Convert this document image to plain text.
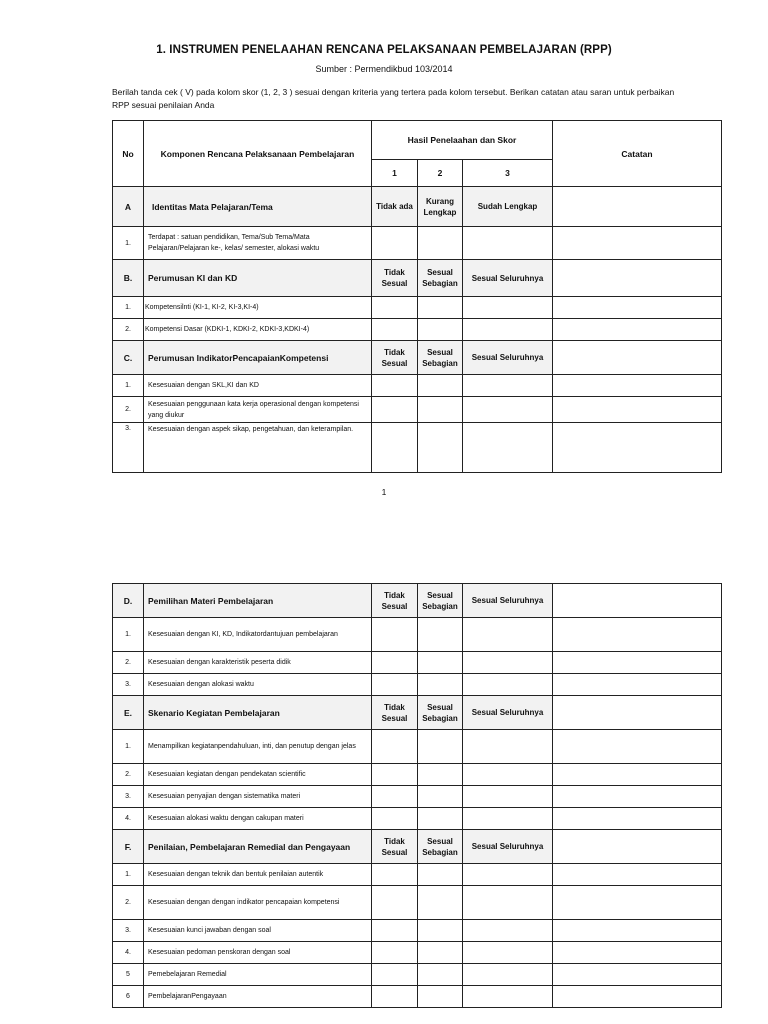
1. INSTRUMEN PENELAAHAN RENCANA PELAKSANAAN PEMBELAJARAN (RPP)
Sumber : Permendikbud 103/2014
Berilah tanda cek ( V) pada kolom skor (1, 2, 3 ) sesuai dengan kriteria yang tertera pada kolom tersebut. Berikan catatan atau saran untuk perbaikan RPP sesuai penilaian Anda
No	Komponen Rencana Pelaksanaan Pembelajaran	Hasil Penelaahan dan Skor			Catatan
		1	2	3	
A	Identitas Mata Pelajaran/Tema	Tidak ada	Kurang Lengkap	Sudah Lengkap	
1.	Terdapat : satuan pendidikan, Tema/Sub Tema/Mata Pelajaran/Pelajaran ke-, kelas/ semester, alokasi waktu				
B.	Perumusan KI dan KD	Tidak Sesual	Sesual Sebagian	Sesual Seluruhnya	
1.	Kompetensilnti (KI-1, KI-2, KI-3,KI-4)				
2.	Kompetensi Dasar (KDKI-1, KDKI-2, KDKI-3,KDKI-4)				
C.	Perumusan IndikatorPencapaianKompetensi	Tidak Sesual	Sesual Sebagian	Sesual Seluruhnya	
1.	Kesesuaian dengan SKL,KI dan KD				
2.	Kesesuaian penggunaan kata kerja operasional dengan kompetensi yang diukur				
3.	Kesesuaian dengan aspek sikap, pengetahuan, dan keterampilan.				
1
D.	Pemilihan Materi Pembelajaran	Tidak Sesual	Sesual Sebagian	Sesual Seluruhnya	
1.	Kesesuaian dengan KI, KD, Indikatordantujuan pembelajaran				
2.	Kesesuaian dengan karakteristik peserta didik				
3.	Kesesuaian dengan alokasi waktu				
E.	Skenario Kegiatan Pembelajaran	Tidak Sesual	Sesual Sebagian	Sesual Seluruhnya	
1.	Menampilkan kegiatanpendahuluan, inti, dan penutup dengan jelas				
2.	Kesesuaian kegiatan dengan pendekatan scientific				
3.	Kesesuaian penyajian dengan sistematika materi				
4.	Kesesuaian alokasi waktu dengan cakupan materi				
F.	Penilaian, Pembelajaran Remedial dan Pengayaan	Tidak Sesual	Sesual Sebagian	Sesual Seluruhnya	
1.	Kesesuaian dengan teknik dan bentuk penilaian autentik				
2.	Kesesuaian dengan dengan indikator pencapaian kompetensi				
3.	Kesesuaian kunci jawaban dengan soal				
4.	Kesesuaian pedoman penskoran dengan soal				
5	Pemebelajaran Remedial				
6	PembelajaranPengayaan				
